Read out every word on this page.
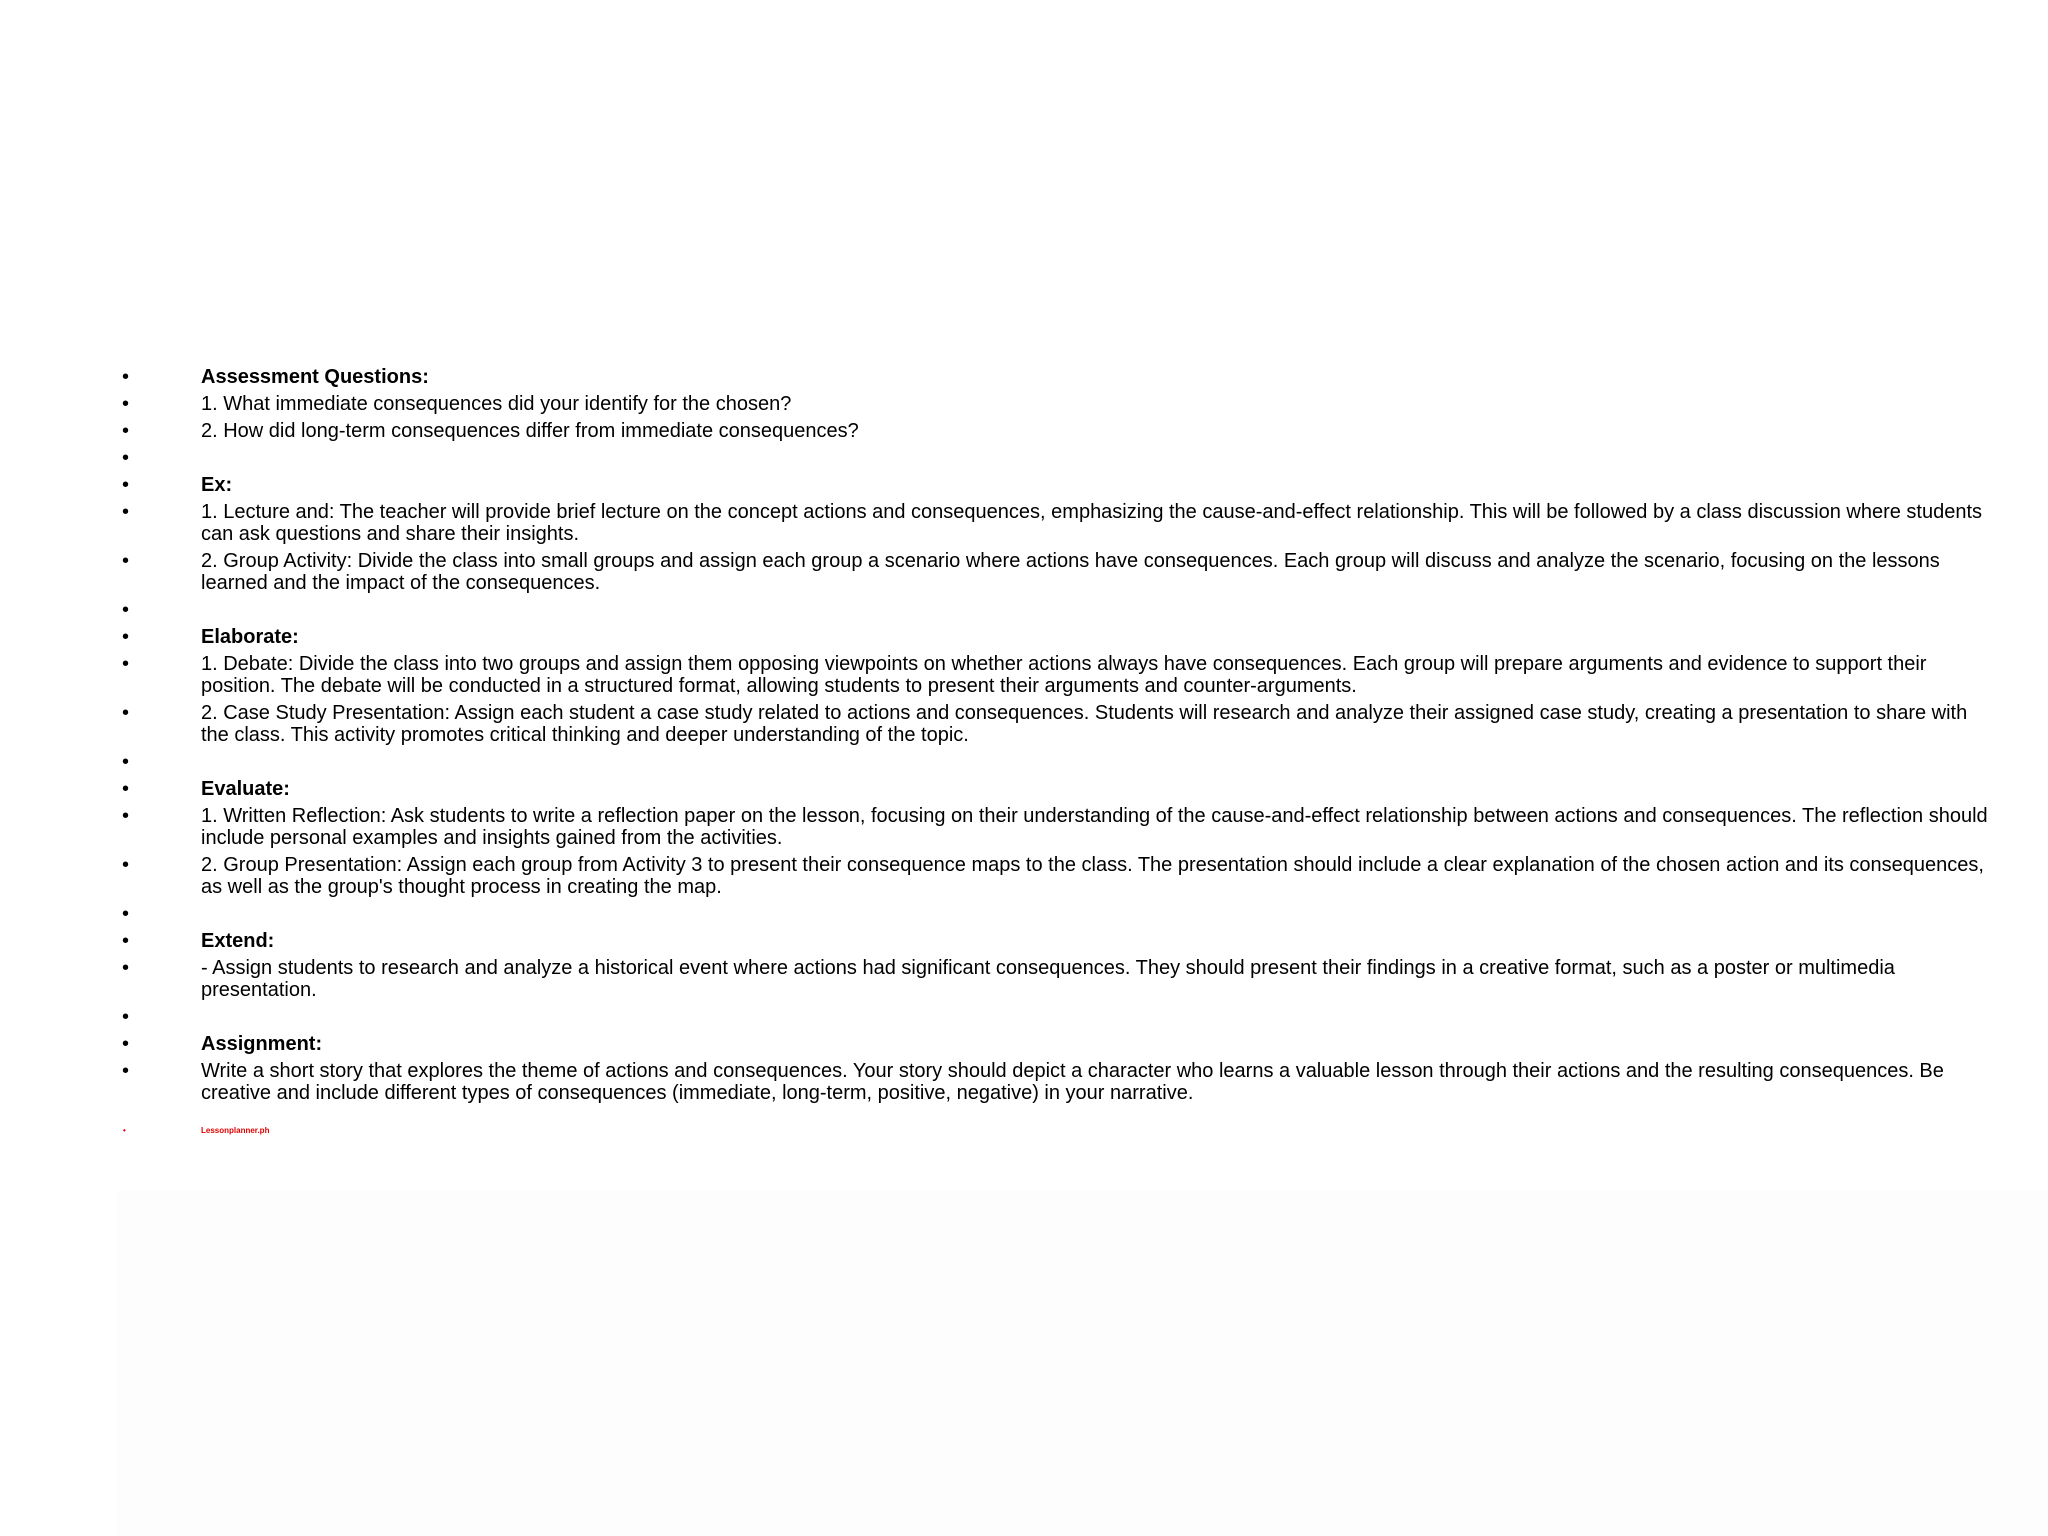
•	Assessment Questions:
•	1. What immediate consequences did your identify for the chosen?
•	2. How did long-term consequences differ from immediate consequences?
•
•	Ex:
•	1. Lecture and: The teacher will provide brief lecture on the concept actions and consequences, emphasizing the cause-and-effect relationship. This will be followed by a class discussion where students can ask questions and share their insights.
•	2. Group Activity: Divide the class into small groups and assign each group a scenario where actions have consequences. Each group will discuss and analyze the scenario, focusing on the lessons learned and the impact of the consequences.
•
•	Elaborate:
•	1. Debate: Divide the class into two groups and assign them opposing viewpoints on whether actions always have consequences. Each group will prepare arguments and evidence to support their position. The debate will be conducted in a structured format, allowing students to present their arguments and counter-arguments.
•	2. Case Study Presentation: Assign each student a case study related to actions and consequences. Students will research and analyze their assigned case study, creating a presentation to share with the class. This activity promotes critical thinking and deeper understanding of the topic.
•
•	Evaluate:
•	1. Written Reflection: Ask students to write a reflection paper on the lesson, focusing on their understanding of the cause-and-effect relationship between actions and consequences. The reflection should include personal examples and insights gained from the activities.
•	2. Group Presentation: Assign each group from Activity 3 to present their consequence maps to the class. The presentation should include a clear explanation of the chosen action and its consequences, as well as the group's thought process in creating the map.
•
•	Extend:
•	- Assign students to research and analyze a historical event where actions had significant consequences. They should present their findings in a creative format, such as a poster or multimedia presentation.
•
•	Assignment:
•	Write a short story that explores the theme of actions and consequences. Your story should depict a character who learns a valuable lesson through their actions and the resulting consequences. Be creative and include different types of consequences (immediate, long-term, positive, negative) in your narrative.
•	Lessonplanner.ph
